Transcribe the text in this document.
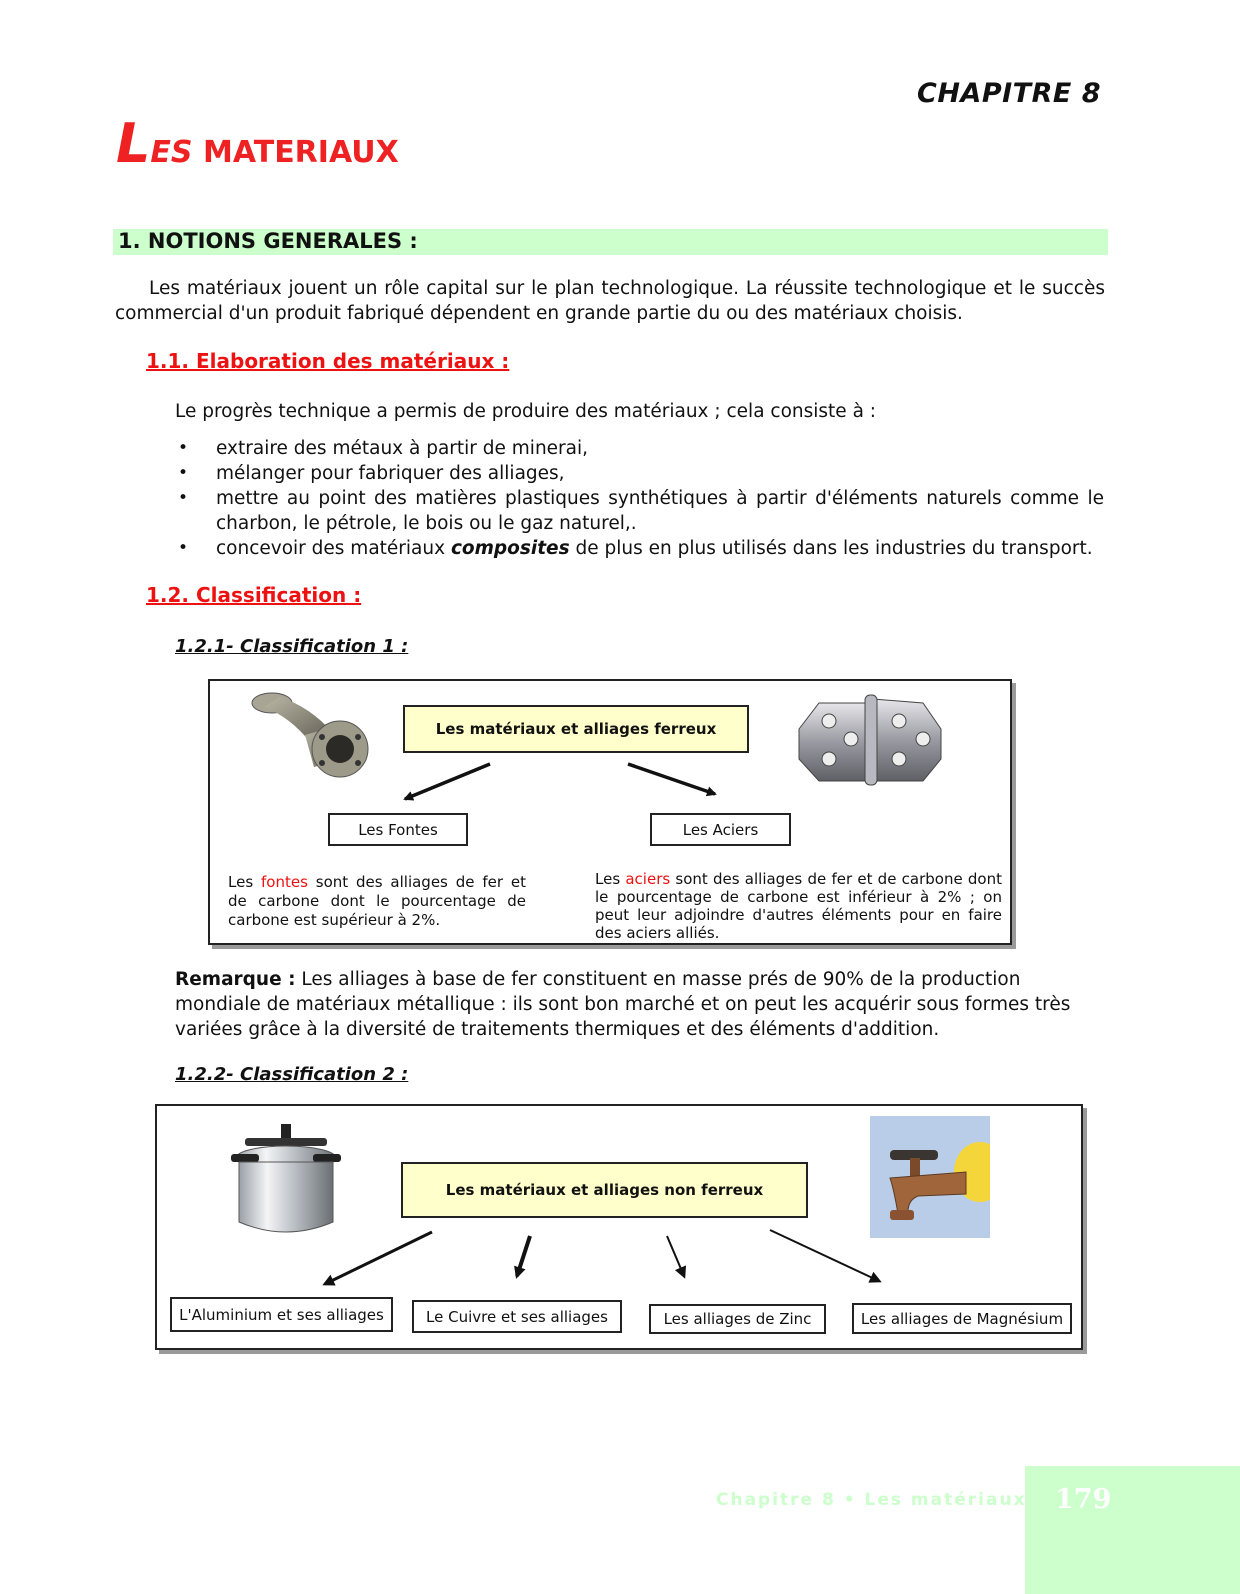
CHAPITRE 8
LES MATERIAUX
1. NOTIONS GENERALES :
Les matériaux jouent un rôle capital sur le plan technologique. La réussite technologique et le succès commercial d'un produit fabriqué dépendent en grande partie du ou des matériaux choisis.
1.1. Elaboration des matériaux :
Le progrès technique a permis de produire des matériaux ; cela consiste à :
• extraire des métaux à partir de minerai,
• mélanger pour fabriquer des alliages,
• mettre au point des matières plastiques synthétiques à partir d'éléments naturels comme le charbon, le pétrole, le bois ou le gaz naturel,.
• concevoir des matériaux composites de plus en plus utilisés dans les industries du transport.
1.2. Classification :
1.2.1- Classification 1 :
Les matériaux et alliages ferreux
Les Fontes	Les Aciers
Les fontes sont des alliages de fer et de carbone dont le pourcentage de carbone est supérieur à 2%.
Les aciers sont des alliages de fer et de carbone dont le pourcentage de carbone est inférieur à 2% ; on peut leur adjoindre d'autres éléments pour en faire des aciers alliés.
Remarque : Les alliages à base de fer constituent en masse prés de 90% de la production mondiale de matériaux métallique : ils sont bon marché et on peut les acquérir sous formes très variées grâce à la diversité de traitements thermiques et des éléments d'addition.
1.2.2- Classification 2 :
Les matériaux et alliages non ferreux
L'Aluminium et ses alliages	Le Cuivre et ses alliages	Les alliages de Zinc	Les alliages de Magnésium
Chapitre 8 • Les matériaux 179
